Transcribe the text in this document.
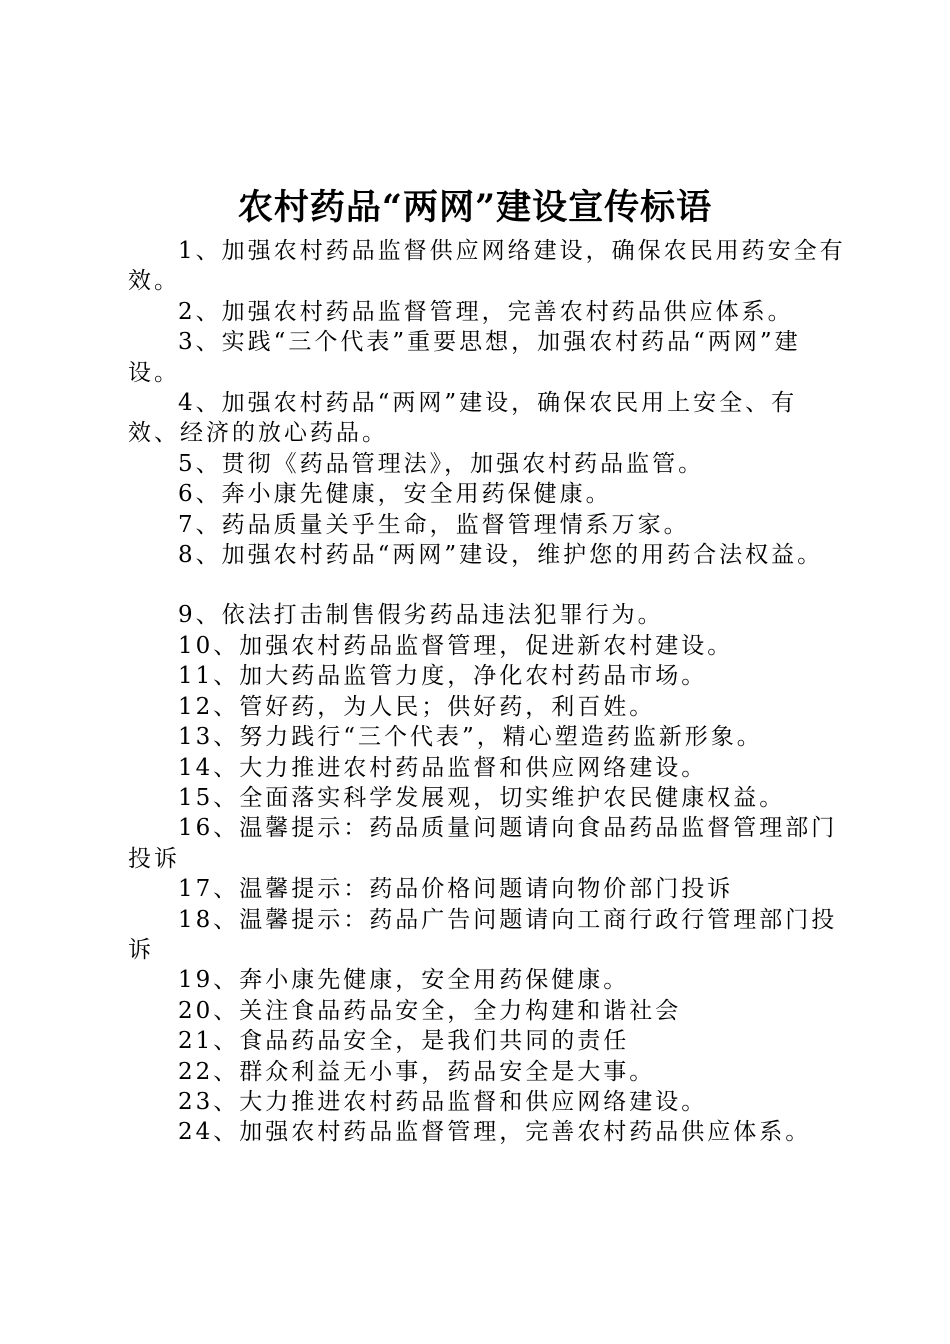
农村药品“两网”建设宣传标语

1、加强农村药品监督供应网络建设，确保农民用药安全有效。

2、加强农村药品监督管理，完善农村药品供应体系。

3、实践“三个代表”重要思想，加强农村药品“两网”建设。

4、加强农村药品“两网”建设，确保农民用上安全、有效、经济的放心药品。

5、贯彻《药品管理法》，加强农村药品监管。

6、奔小康先健康，安全用药保健康。

7、药品质量关乎生命，监督管理情系万家。

8、加强农村药品“两网”建设，维护您的用药合法权益。

9、依法打击制售假劣药品违法犯罪行为。

10、加强农村药品监督管理，促进新农村建设。

11、加大药品监管力度，净化农村药品市场。

12、管好药，为人民；供好药，利百姓。

13、努力践行“三个代表”，精心塑造药监新形象。

14、大力推进农村药品监督和供应网络建设。

15、全面落实科学发展观，切实维护农民健康权益。

16、温馨提示：药品质量问题请向食品药品监督管理部门投诉

17、温馨提示：药品价格问题请向物价部门投诉

18、温馨提示：药品广告问题请向工商行政行管理部门投诉

19、奔小康先健康，安全用药保健康。

20、关注食品药品安全，全力构建和谐社会

21、食品药品安全，是我们共同的责任

22、群众利益无小事，药品安全是大事。

23、大力推进农村药品监督和供应网络建设。

24、加强农村药品监督管理，完善农村药品供应体系。
